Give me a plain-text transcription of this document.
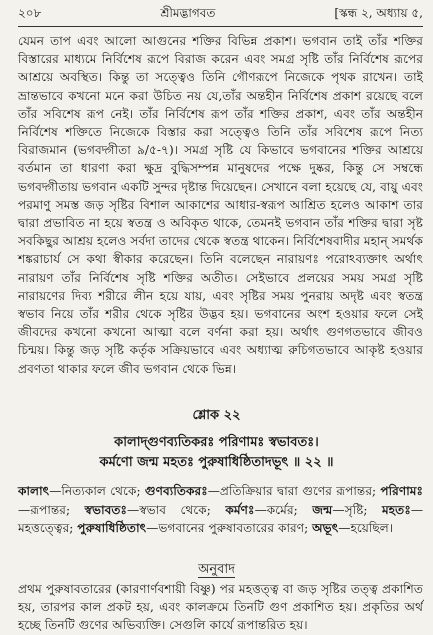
২০৮	শ্রীমদ্ভাগবত	[স্কন্ধ ২, অধ্যায় ৫,

যেমন তাপ এবং আলো আগুনের শক্তির বিভিন্ন প্রকাশ। ভগবান তাই তাঁর শক্তির বিস্তারের মাধ্যমে নির্বিশেষ রূপে বিরাজ করেন এবং সমগ্র সৃষ্টি তাঁর নির্বিশেষ রূপের আশ্রয়ে অবস্থিত। কিন্তু তা সত্ত্বেও তিনি গৌণরূপে নিজেকে পৃথক রাখেন। তাই ভ্রান্তভাবে কখনো মনে করা উচিত নয় যে,তাঁর অন্তহীন নির্বিশেষ প্রকাশ রয়েছে বলে তাঁর সবিশেষ রূপ নেই। তাঁর নির্বিশেষ রূপ তাঁর শক্তির প্রকাশ, এবং তাঁর অন্তহীন নির্বিশেষ শক্তিতে নিজেকে বিস্তার করা সত্ত্বেও তিনি তাঁর সবিশেষ রূপে নিত্য বিরাজমান (ভগবদ্গীতা ৯/৫-৭)। সমগ্র সৃষ্টি যে কিভাবে ভগবানের শক্তির আশ্রয়ে বর্তমান তা ধারণা করা ক্ষুদ্র বুদ্ধিসম্পন্ন মানুষদের পক্ষে দুষ্কর, কিন্তু সে সম্বন্ধে ভগবদ্গীতায় ভগবান একটি সুন্দর দৃষ্টান্ত দিয়েছেন। সেখানে বলা হয়েছে যে, বায়ু এবং পরমাণু সমস্ত জড় সৃষ্টির বিশাল আকাশের আধার-স্বরূপ আশ্রিত হলেও আকাশ তার দ্বারা প্রভাবিত না হয়ে স্বতন্ত্র ও অবিকৃত থাকে, তেমনই ভগবান তাঁর শক্তির দ্বারা সৃষ্ট সবকিছুর আশ্রয় হলেও সর্বদা তাদের থেকে স্বতন্ত্র থাকেন। নির্বিশেষবাদীর মহান্ সমর্থক শঙ্করাচার্য সে কথা স্বীকার করেছেন। তিনি বলেছেন নারায়ণঃ পরোঽব্যক্তাৎ অর্থাৎ নারায়ণ তাঁর নির্বিশেষ সৃষ্টি শক্তির অতীত। সেইভাবে প্রলয়ের সময় সমগ্র সৃষ্টি নারায়ণের দিব্য শরীরে লীন হয়ে যায়, এবং সৃষ্টির সময় পুনরায় অদৃষ্ট এবং স্বতন্ত্র স্বভাব নিয়ে তাঁর শরীর থেকে সৃষ্টির উদ্ভব হয়। ভগবানের অংশ হওয়ার ফলে সেই জীবদের কখনো কখনো আত্মা বলে বর্ণনা করা হয়। অর্থাৎ গুণগতভাবে জীবও চিন্ময়। কিন্তু জড় সৃষ্টি কর্তৃক সক্রিয়ভাবে এবং অধ্যাত্ম রুচিগতভাবে আকৃষ্ট হওয়ার প্রবণতা থাকার ফলে জীব ভগবান থেকে ভিন্ন।

শ্লোক ২২
কালাদ্‌গুণব্যতিকরঃ পরিণামঃ স্বভাবতঃ।
কর্মণো জন্ম মহতঃ পুরুষাধিষ্ঠিতাদভূৎ ॥ ২২ ॥
কালাৎ—নিত্যকাল থেকে; গুণব্যতিকরঃ—প্রতিক্রিয়ার দ্বারা গুণের রূপান্তর; পরিণামঃ—রূপান্তর; স্বভাবতঃ—স্বভাব থেকে; কর্মণঃ—কর্মের; জন্ম—সৃষ্টি; মহতঃ—মহত্তত্ত্বের; পুরুষাধিষ্ঠিতাৎ—ভগবানের পুরুষাবতারের কারণ; অভূৎ—হয়েছিল।
অনুবাদ

প্রথম পুরুষাবতারের (কারণার্ণবশায়ী বিষ্ণু) পর মহত্তত্ত্ব বা জড় সৃষ্টির তত্ত্ব প্রকাশিত হয়, তারপর কাল প্রকট হয়, এবং কালক্রমে তিনটি গুণ প্রকাশিত হয়। প্রকৃতির অর্থ হচ্ছে তিনটি গুণের অভিব্যক্তি। সেগুলি কার্যে রূপান্তরিত হয়।
